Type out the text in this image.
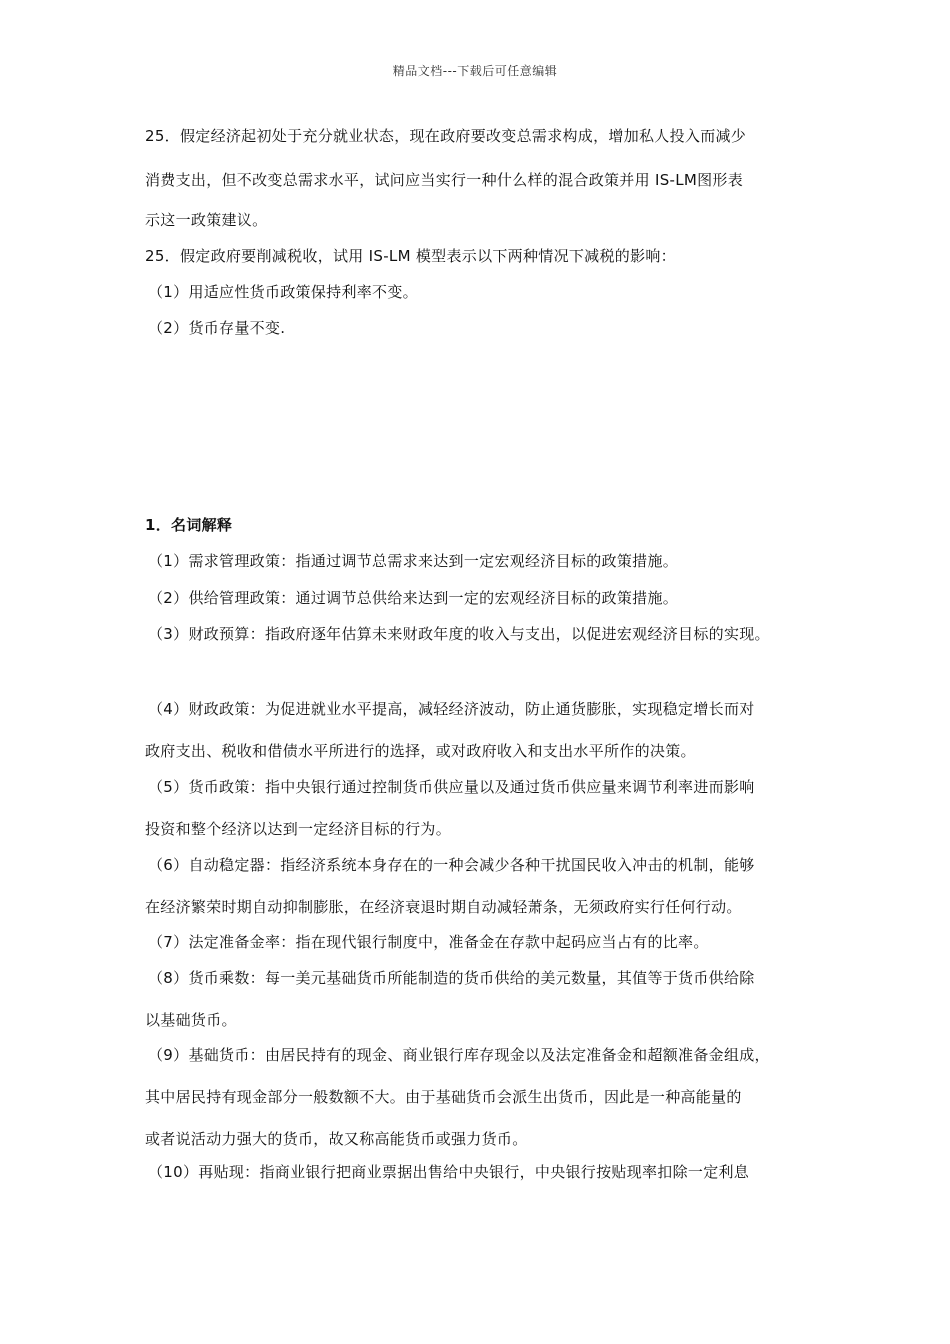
精品文档---下载后可任意编辑
25．假定经济起初处于充分就业状态，现在政府要改变总需求构成，增加私人投入而减少
消费支出，但不改变总需求水平，试问应当实行一种什么样的混合政策并用 IS-LM图形表
示这一政策建议。
25．假定政府要削减税收，试用 IS-LM 模型表示以下两种情况下减税的影响：
（1）用适应性货币政策保持利率不变。
（2）货币存量不变.
1．名词解释
（1）需求管理政策：指通过调节总需求来达到一定宏观经济目标的政策措施。
（2）供给管理政策：通过调节总供给来达到一定的宏观经济目标的政策措施。
（3）财政预算：指政府逐年估算未来财政年度的收入与支出，以促进宏观经济目标的实现。
（4）财政政策：为促进就业水平提高，减轻经济波动，防止通货膨胀，实现稳定增长而对
政府支出、税收和借债水平所进行的选择，或对政府收入和支出水平所作的决策。
（5）货币政策：指中央银行通过控制货币供应量以及通过货币供应量来调节利率进而影响
投资和整个经济以达到一定经济目标的行为。
（6）自动稳定器：指经济系统本身存在的一种会减少各种干扰国民收入冲击的机制，能够
在经济繁荣时期自动抑制膨胀，在经济衰退时期自动减轻萧条，无须政府实行任何行动。
（7）法定准备金率：指在现代银行制度中，准备金在存款中起码应当占有的比率。
（8）货币乘数：每一美元基础货币所能制造的货币供给的美元数量，其值等于货币供给除
以基础货币。
（9）基础货币：由居民持有的现金、商业银行库存现金以及法定准备金和超额准备金组成，
其中居民持有现金部分一般数额不大。由于基础货币会派生出货币，因此是一种高能量的
或者说活动力强大的货币，故又称高能货币或强力货币。
（10）再贴现：指商业银行把商业票据出售给中央银行，中央银行按贴现率扣除一定利息
